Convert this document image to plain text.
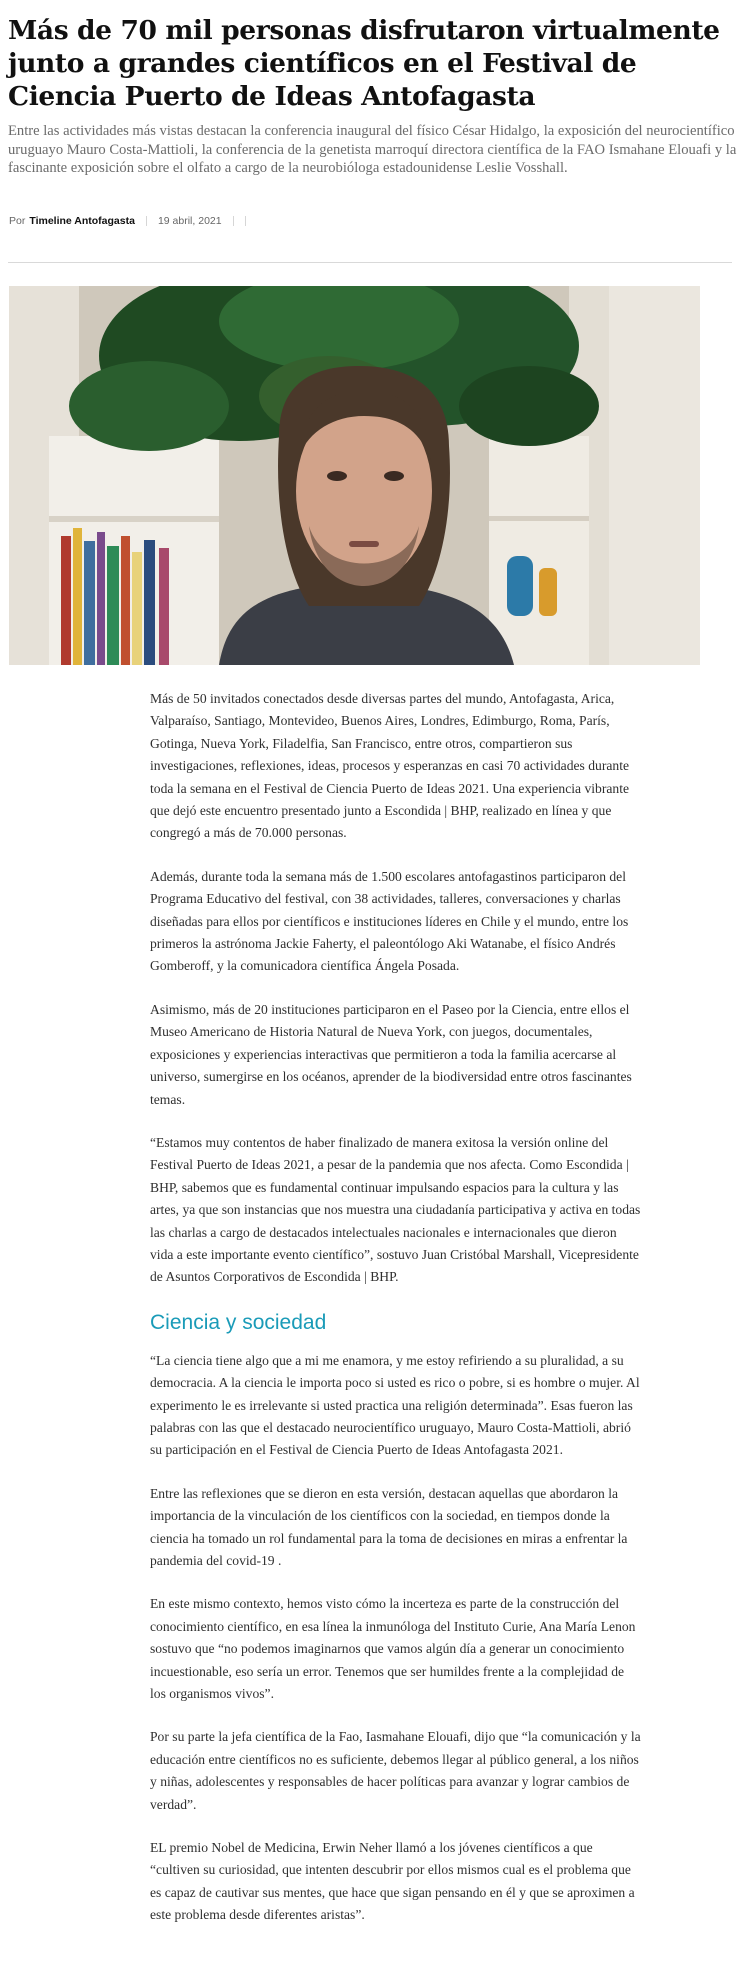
Más de 70 mil personas disfrutaron virtualmente junto a grandes científicos en el Festival de Ciencia Puerto de Ideas Antofagasta

Entre las actividades más vistas destacan la conferencia inaugural del físico César Hidalgo, la exposición del neurocientífico uruguayo Mauro Costa-Mattioli, la conferencia de la genetista marroquí directora científica de la FAO Ismahane Elouafi y la fascinante exposición sobre el olfato a cargo de la neurobióloga estadounidense Leslie Vosshall.

Por Timeline Antofagasta 19 abril, 2021

Más de 50 invitados conectados desde diversas partes del mundo, Antofagasta, Arica, Valparaíso, Santiago, Montevideo, Buenos Aires, Londres, Edimburgo, Roma, París, Gotinga, Nueva York, Filadelfia, San Francisco, entre otros, compartieron sus investigaciones, reflexiones, ideas, procesos y esperanzas en casi 70 actividades durante toda la semana en el Festival de Ciencia Puerto de Ideas 2021. Una experiencia vibrante que dejó este encuentro presentado junto a Escondida | BHP, realizado en línea y que congregó a más de 70.000 personas.

Además, durante toda la semana más de 1.500 escolares antofagastinos participaron del Programa Educativo del festival, con 38 actividades, talleres, conversaciones y charlas diseñadas para ellos por científicos e instituciones líderes en Chile y el mundo, entre los primeros la astrónoma Jackie Faherty, el paleontólogo Aki Watanabe, el físico Andrés Gomberoff, y la comunicadora científica Ángela Posada.

Asimismo, más de 20 instituciones participaron en el Paseo por la Ciencia, entre ellos el Museo Americano de Historia Natural de Nueva York, con juegos, documentales, exposiciones y experiencias interactivas que permitieron a toda la familia acercarse al universo, sumergirse en los océanos, aprender de la biodiversidad entre otros fascinantes temas.

“Estamos muy contentos de haber finalizado de manera exitosa la versión online del Festival Puerto de Ideas 2021, a pesar de la pandemia que nos afecta. Como Escondida | BHP, sabemos que es fundamental continuar impulsando espacios para la cultura y las artes, ya que son instancias que nos muestra una ciudadanía participativa y activa en todas las charlas a cargo de destacados intelectuales nacionales e internacionales que dieron vida a este importante evento científico”, sostuvo Juan Cristóbal Marshall, Vicepresidente de Asuntos Corporativos de Escondida | BHP.

Ciencia y sociedad

“La ciencia tiene algo que a mi me enamora, y me estoy refiriendo a su pluralidad, a su democracia. A la ciencia le importa poco si usted es rico o pobre, si es hombre o mujer. Al experimento le es irrelevante si usted practica una religión determinada”. Esas fueron las palabras con las que el destacado neurocientífico uruguayo, Mauro Costa-Mattioli, abrió su participación en el Festival de Ciencia Puerto de Ideas Antofagasta 2021.

Entre las reflexiones que se dieron en esta versión, destacan aquellas que abordaron la importancia de la vinculación de los científicos con la sociedad, en tiempos donde la ciencia ha tomado un rol fundamental para la toma de decisiones en miras a enfrentar la pandemia del covid-19 .

En este mismo contexto, hemos visto cómo la incerteza es parte de la construcción del conocimiento científico, en esa línea la inmunóloga del Instituto Curie, Ana María Lenon sostuvo que “no podemos imaginarnos que vamos algún día a generar un conocimiento incuestionable, eso sería un error. Tenemos que ser humildes frente a la complejidad de los organismos vivos”.

Por su parte la jefa científica de la Fao, Iasmahane Elouafi, dijo que “la comunicación y la educación entre científicos no es suficiente, debemos llegar al público general, a los niños y niñas, adolescentes y responsables de hacer políticas para avanzar y lograr cambios de verdad”.

EL premio Nobel de Medicina, Erwin Neher llamó a los jóvenes científicos a que “cultiven su curiosidad, que intenten descubrir por ellos mismos cual es el problema que es capaz de cautivar sus mentes, que hace que sigan pensando en él y que se aproximen a este problema desde diferentes aristas”.
